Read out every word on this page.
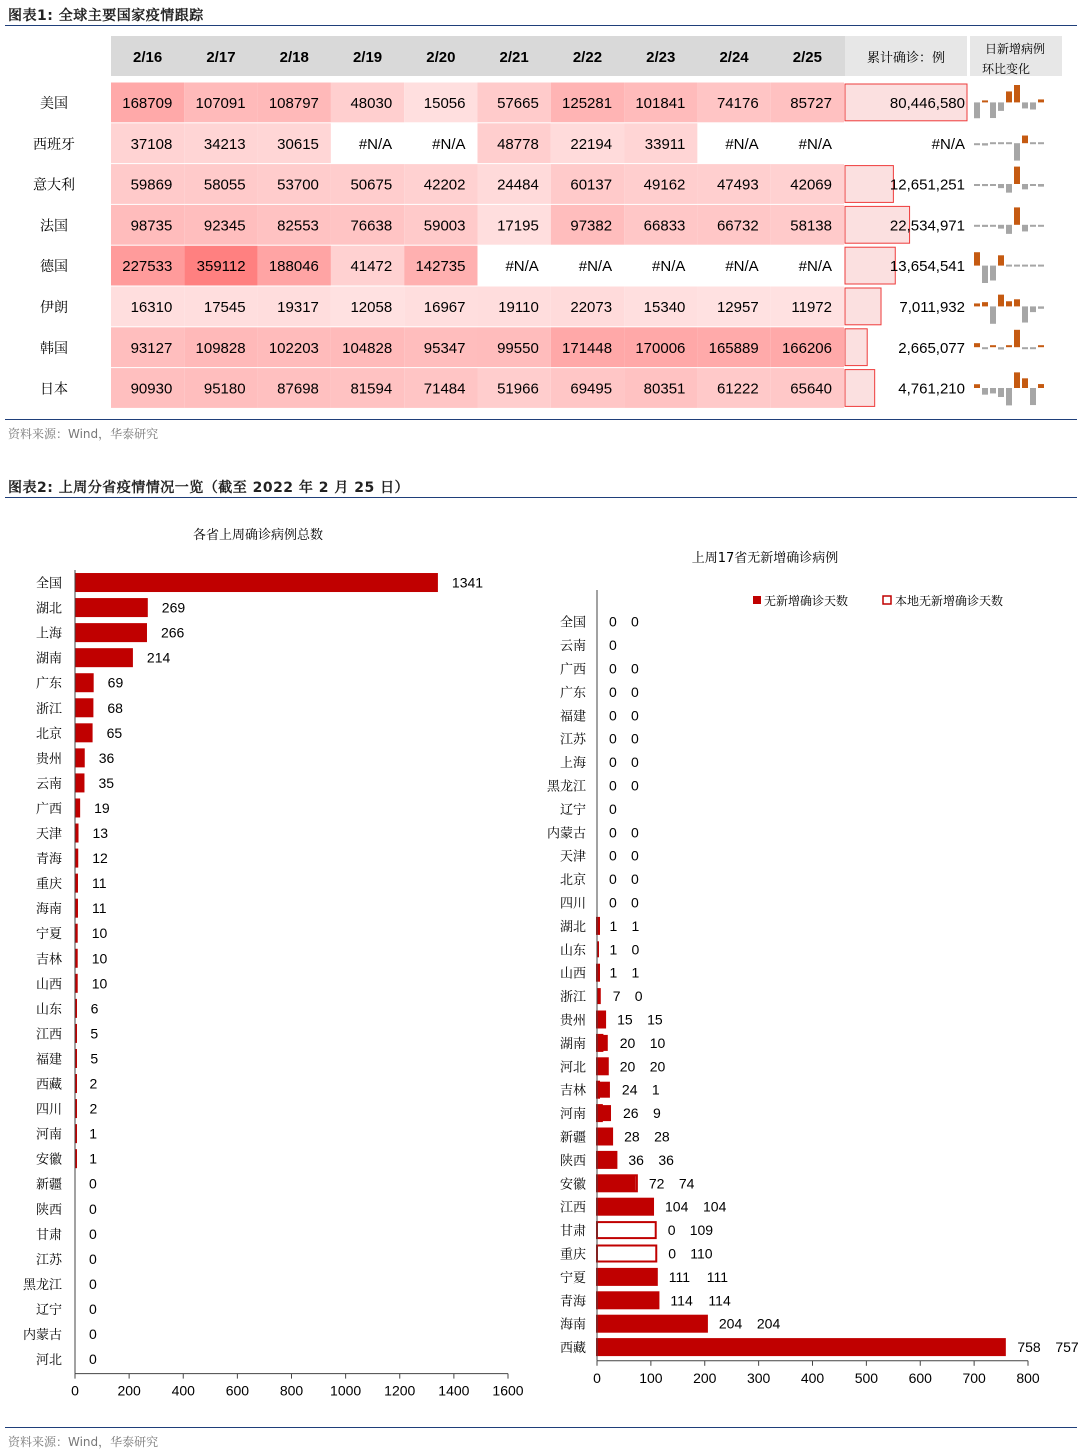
图表1: 全球主要国家疫情跟踪
2/16	2/17	2/18	2/19	2/20	2/21	2/22	2/23	2/24	2/25	累计确诊：例
日新增病例
环比变化
美国	168709 107091 108797 48030 15056 57665 125281 101841 74176 85727	80,446,580
西班牙	37108 34213 30615	#N/A	#N/A 48778 22194 33911	#N/A	#N/A	#N/A
意大利	59869 58055 53700 50675 42202 24484 60137 49162 47493 42069	12,651,251
法国	98735 92345 82553 76638 59003 17195 97382 66833 66732 58138	22,534,971
德国	227533 359112 188046 41472 142735	#N/A	#N/A	#N/A	#N/A	#N/A	13,654,541
伊朗	16310 17545 19317 12058 16967 19110 22073 15340 12957 11972	7,011,932
韩国	93127 109828 102203 104828 95347 99550 171448 170006 165889 166206	2,665,077
日本	90930 95180 87698 81594 71484 51966 69495 80351 61222 65640	4,761,210
资料来源：Wind，华泰研究
图表2: 上周分省疫情情况一览（截至 2022 年 2 月 25 日）
各省上周确诊病例总数
全国	1341
湖北	269
上海	266
湖南	214
广东	69
浙江	68
北京	65
贵州	36
云南	35
广西 19
天津 13
青海 12
重庆 11
海南 11
宁夏 10
吉林 10
山西 10
山东 6
江西 5
福建 5
西藏 2
四川 2
河南 1
安徽 1
新疆 0
陕西 0
甘肃 0
江苏 0
黑龙江 0
辽宁 0
内蒙古 0
河北 0
0	200 400 600 800 1000 1200 1400 1600
上周17省无新增确诊病例
无新增确诊天数	本地无新增确诊天数
全国 0 0
云南 0
广西 0 0
广东 0 0
福建 0 0
江苏 0 0
上海 0 0
黑龙江 0 0
辽宁 0
内蒙古 0 0
天津 0 0
北京 0 0
四川 0 0
湖北 1 1
山东 1 0
山西 1 1
浙江 7 0
贵州 15 15
湖南 20 10
河北 20 20
吉林	24 1
河南	26 9
新疆	28 28
陕西	36 36
安徽	72 74
江西	104 104
甘肃	0 109
重庆	0 110
宁夏	111 111
青海	114 114
海南	204 204
西藏	758 757
0	100 200 300 400 500 600 700 800
资料来源：Wind，华泰研究
